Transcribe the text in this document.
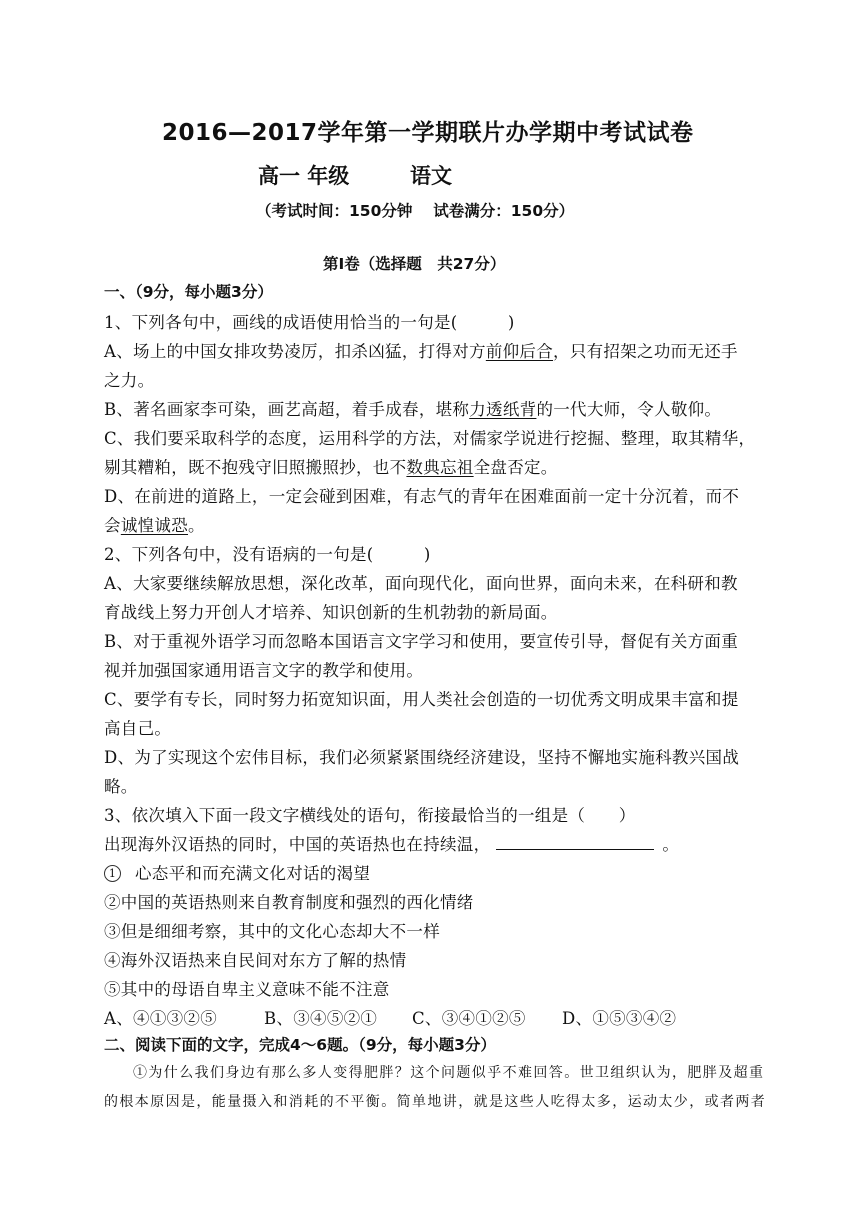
2016—2017学年第一学期联片办学期中考试试卷
高一 年级	语文
（考试时间：150分钟　 试卷满分：150分）
第Ⅰ卷（选择题　共27分）
一、（9分，每小题3分）
1、下列各句中，画线的成语使用恰当的一句是(　　　)
A、场上的中国女排攻势凌厉，扣杀凶猛，打得对方前仰后合，只有招架之功而无还手
之力。
B、著名画家李可染，画艺高超，着手成春，堪称力透纸背的一代大师，令人敬仰。
C、我们要采取科学的态度，运用科学的方法，对儒家学说进行挖掘、整理，取其精华，
剔其糟粕，既不抱残守旧照搬照抄，也不数典忘祖全盘否定。
D、在前进的道路上，一定会碰到困难，有志气的青年在困难面前一定十分沉着，而不
会诚惶诚恐。
2、下列各句中，没有语病的一句是(　　　)
A、大家要继续解放思想，深化改革，面向现代化，面向世界，面向未来，在科研和教
育战线上努力开创人才培养、知识创新的生机勃勃的新局面。
B、对于重视外语学习而忽略本国语言文字学习和使用，要宣传引导，督促有关方面重
视并加强国家通用语言文字的教学和使用。
C、要学有专长，同时努力拓宽知识面，用人类社会创造的一切优秀文明成果丰富和提
高自己。
D、为了实现这个宏伟目标，我们必须紧紧围绕经济建设，坚持不懈地实施科教兴国战
略。
3、依次填入下面一段文字横线处的语句，衔接最恰当的一组是（　　）
出现海外汉语热的同时，中国的英语热也在持续温，	。
1 心态平和而充满文化对话的渴望
②中国的英语热则来自教育制度和强烈的西化情绪
③但是细细考察，其中的文化心态却大不一样
④海外汉语热来自民间对东方了解的热情
⑤其中的母语自卑主义意味不能不注意
A、④①③②⑤	B、③④⑤②① C、③④①②⑤ D、①⑤③④②
二、阅读下面的文字，完成4～6题。（9分，每小题3分）
①为什么我们身边有那么多人变得肥胖？这个问题似乎不难回答。世卫组织认为，肥胖及超重
的根本原因是，能量摄入和消耗的不平衡。简单地讲，就是这些人吃得太多，运动太少，或者两者
